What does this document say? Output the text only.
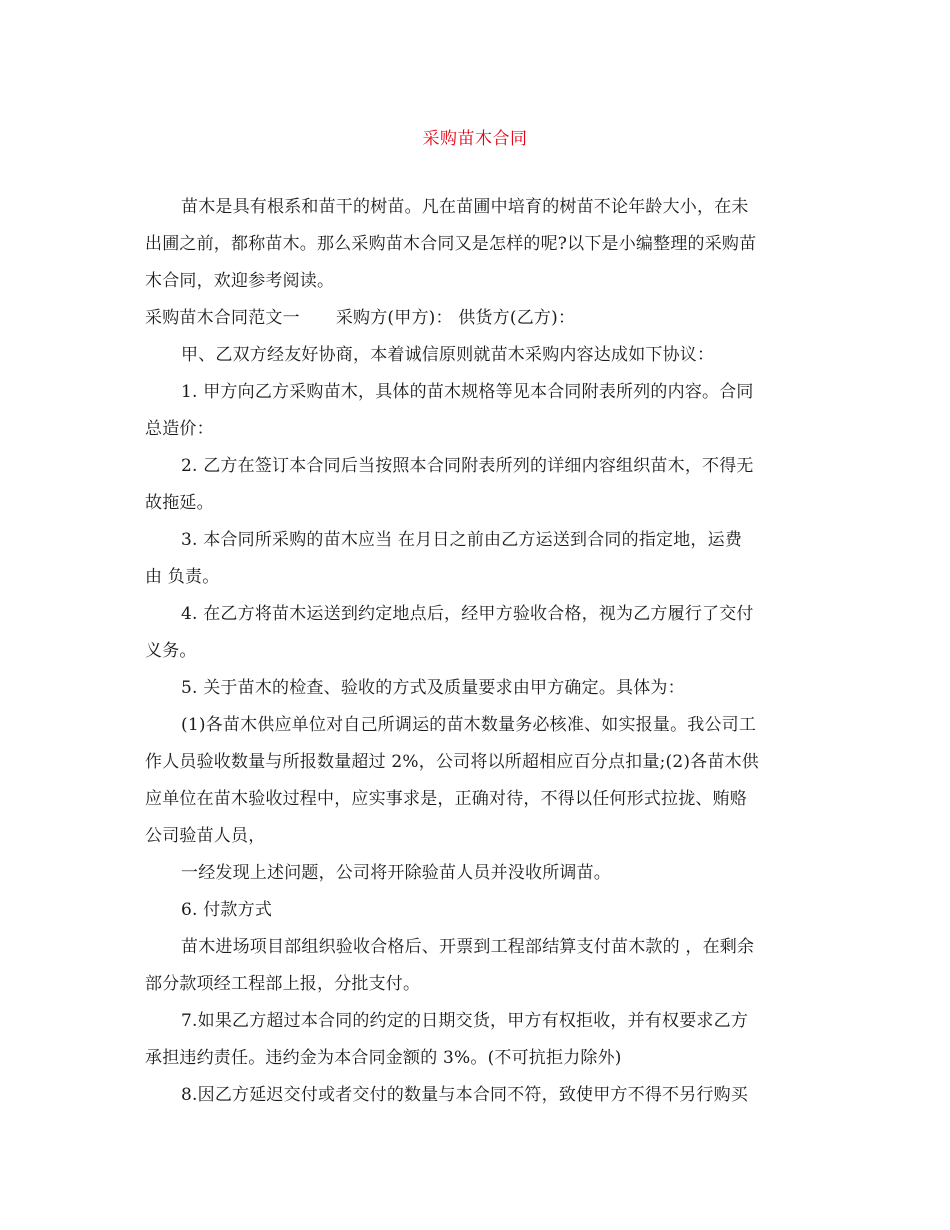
采购苗木合同
苗木是具有根系和苗干的树苗。凡在苗圃中培育的树苗不论年龄大小，在未
出圃之前，都称苗木。那么采购苗木合同又是怎样的呢?以下是小编整理的采购苗
木合同，欢迎参考阅读。
采购苗木合同范文一 采购方(甲方)： 供货方(乙方)：
甲、乙双方经友好协商，本着诚信原则就苗木采购内容达成如下协议：
1. 甲方向乙方采购苗木，具体的苗木规格等见本合同附表所列的内容。合同
总造价：
2. 乙方在签订本合同后当按照本合同附表所列的详细内容组织苗木，不得无
故拖延。
3. 本合同所采购的苗木应当 在月日之前由乙方运送到合同的指定地，运费
由 负责。
4. 在乙方将苗木运送到约定地点后，经甲方验收合格，视为乙方履行了交付
义务。
5. 关于苗木的检查、验收的方式及质量要求由甲方确定。具体为：
(1)各苗木供应单位对自己所调运的苗木数量务必核准、如实报量。我公司工
作人员验收数量与所报数量超过 2%，公司将以所超相应百分点扣量;(2)各苗木供
应单位在苗木验收过程中，应实事求是，正确对待，不得以任何形式拉拢、贿赂
公司验苗人员，
一经发现上述问题，公司将开除验苗人员并没收所调苗。
6. 付款方式
苗木进场项目部组织验收合格后、开票到工程部结算支付苗木款的 ，在剩余
部分款项经工程部上报，分批支付。
7.如果乙方超过本合同的约定的日期交货，甲方有权拒收，并有权要求乙方
承担违约责任。违约金为本合同金额的 3%。(不可抗拒力除外)
8.因乙方延迟交付或者交付的数量与本合同不符，致使甲方不得不另行购买
